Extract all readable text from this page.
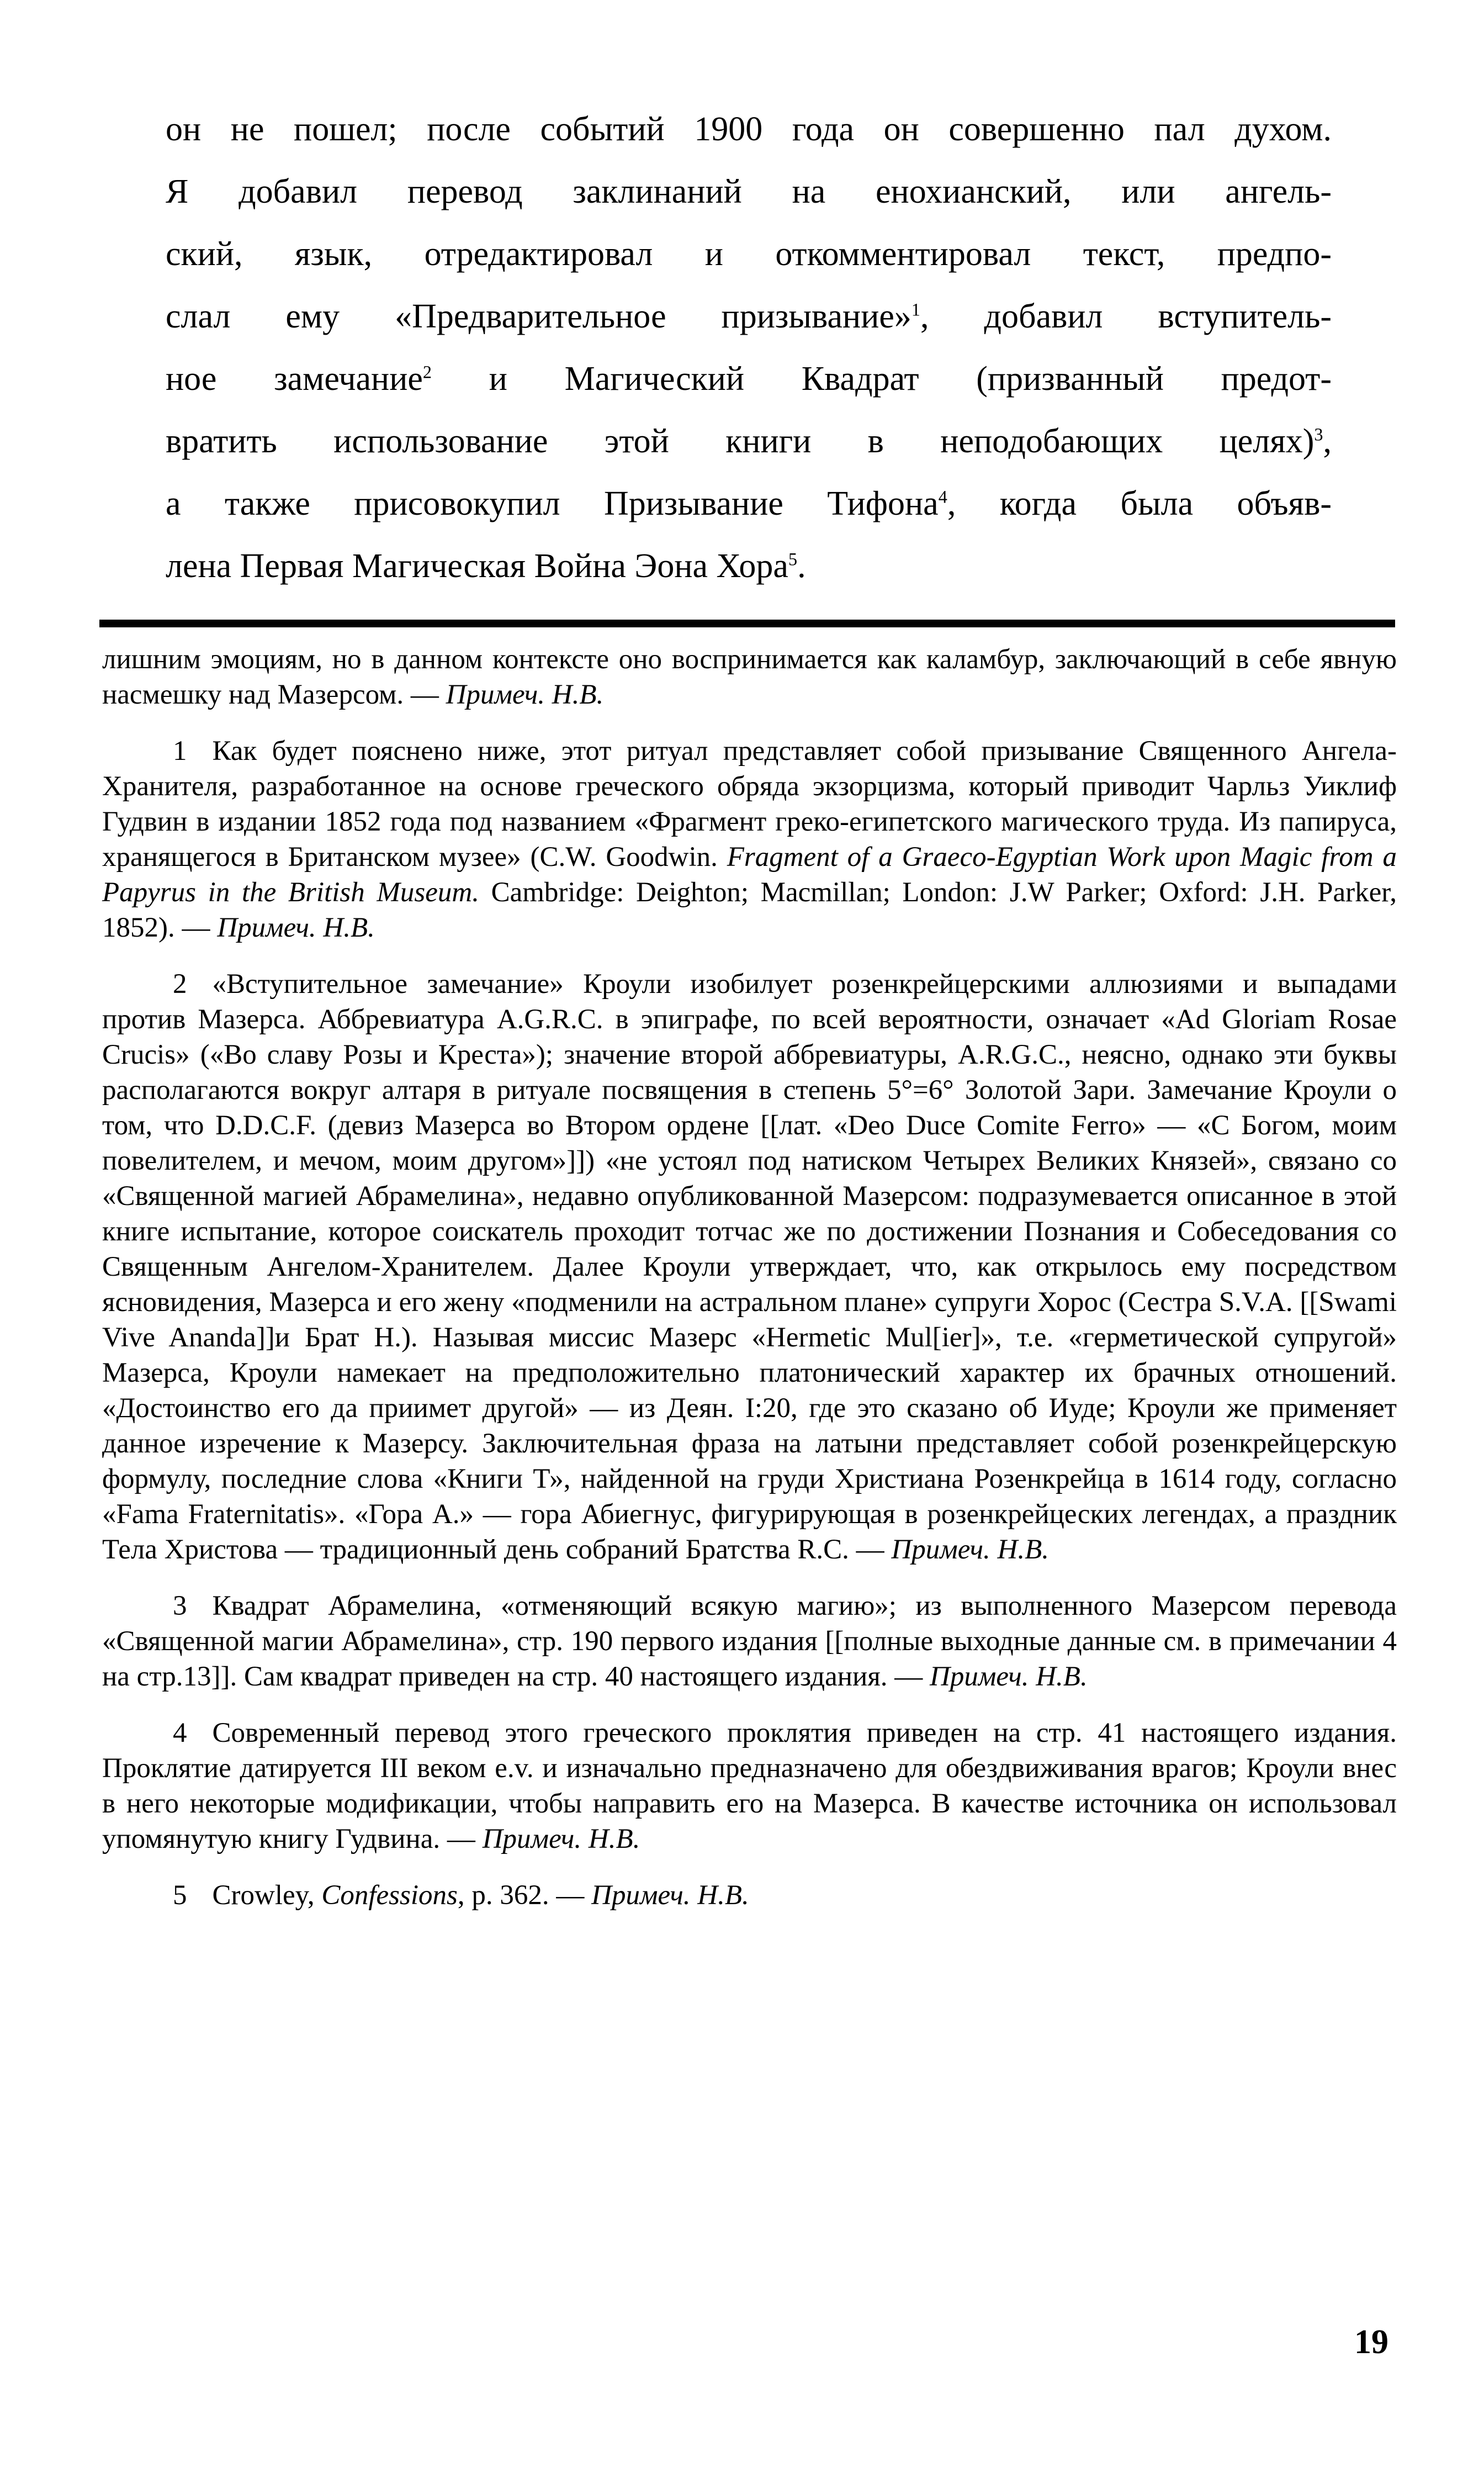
он не пошел; после событий 1900 года он совершенно пал духом.
Я добавил перевод заклинаний на енохианский, или ангель-
ский, язык, отредактировал и откомментировал текст, предпо-
слал ему «Предварительное призывание»$^1$, добавил вступитель-
ное замечание$^2$ и Магический Квадрат (призванный предот-
вратить использование этой книги в неподобающих целях)$^3$,
а также присовокупил Призывание Тифона$^4$, когда была объяв-
лена Первая Магическая Война Эона Хора$^5$.
лишним эмоциям, но в данном контексте оно воспринимается как каламбур, заключающий в себе явную насмешку над Мазерсом. — Примеч. Н.В.
1 Как будет пояснено ниже, этот ритуал представляет собой призывание Священного Ангела-Хранителя, разработанное на основе греческого обряда экзорцизма, который приводит Чарльз Уиклиф Гудвин в издании 1852 года под названием «Фрагмент греко-египетского магического труда. Из папируса, хранящегося в Британском музее» (C.W. Goodwin. Fragment of a Graeco-Egyptian Work upon Magic from a Papyrus in the British Museum. Cambridge: Deighton; Macmillan; London: J.W Parker; Oxford: J.H. Parker, 1852). — Примеч. Н.В.
2 «Вступительное замечание» Кроули изобилует розенкрейцерскими аллюзиями и выпадами против Мазерса. Аббревиатура A.G.R.C. в эпиграфе, по всей вероятности, означает «Ad Gloriam Rosae Crucis» («Во славу Розы и Креста»); значение второй аббревиатуры, A.R.G.C., неясно, однако эти буквы располагаются вокруг алтаря в ритуале посвящения в степень 5°=6° Золотой Зари. Замечание Кроули о том, что D.D.C.F. (девиз Мазерса во Втором ордене [[лат. «Deo Duce Comite Ferro» — «С Богом, моим повелителем, и мечом, моим другом»]]) «не устоял под натиском Четырех Великих Князей», связано со «Священной магией Абрамелина», недавно опубликованной Мазерсом: подразумевается описанное в этой книге испытание, которое соискатель проходит тотчас же по достижении Познания и Собеседования со Священным Ангелом-Хранителем. Далее Кроули утверждает, что, как открылось ему посредством ясновидения, Мазерса и его жену «подменили на астральном плане» супруги Хорос (Сестра S.V.A. [[Swami Vive Ananda]]и Брат H.). Называя миссис Мазерс «Hermetic Mul[ier]», т.е. «герметической супругой» Мазерса, Кроули намекает на предположительно платонический характер их брачных отношений. «Достоинство его да приимет другой» — из Деян. I:20, где это сказано об Иуде; Кроули же применяет данное изречение к Мазерсу. Заключительная фраза на латыни представляет собой розенкрейцерскую формулу, последние слова «Книги Т», найденной на груди Христиана Розенкрейца в 1614 году, согласно «Fama Fraternitatis». «Гора А.» — гора Абиегнус, фигурирующая в розенкрейцеских легендах, а праздник Тела Христова — традиционный день собраний Братства R.C. — Примеч. Н.В.
3 Квадрат Абрамелина, «отменяющий всякую магию»; из выполненного Мазерсом перевода «Священной магии Абрамелина», стр. 190 первого издания [[полные выходные данные см. в примечании 4 на стр.13]]. Сам квадрат приведен на стр. 40 настоящего издания. — Примеч. Н.В.
4 Современный перевод этого греческого проклятия приведен на стр. 41 настоящего издания. Проклятие датируется III веком e.v. и изначально предназначено для обездвиживания врагов; Кроули внес в него некоторые модификации, чтобы направить его на Мазерса. В качестве источника он использовал упомянутую книгу Гудвина. — Примеч. Н.В.
5 Crowley, Confessions, p. 362. — Примеч. Н.В.
19
